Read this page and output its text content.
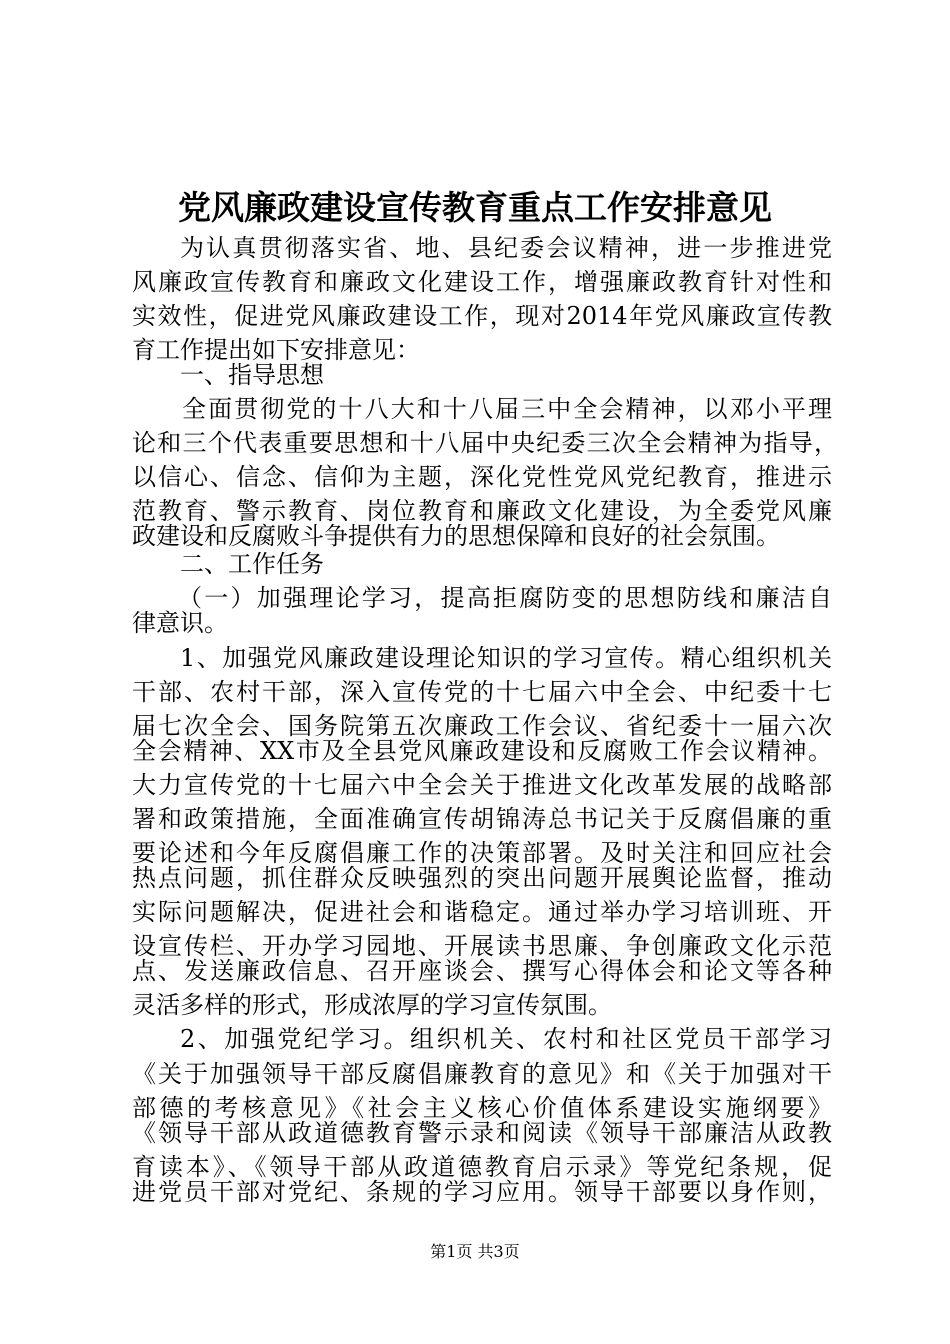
党风廉政建设宣传教育重点工作安排意见
为认真贯彻落实省、地、县纪委会议精神，进一步推进党
风廉政宣传教育和廉政文化建设工作，增强廉政教育针对性和
实效性，促进党风廉政建设工作，现对2014年党风廉政宣传教
育工作提出如下安排意见：
一、指导思想
全面贯彻党的十八大和十八届三中全会精神，以邓小平理
论和三个代表重要思想和十八届中央纪委三次全会精神为指导，
以信心、信念、信仰为主题，深化党性党风党纪教育，推进示
范教育、警示教育、岗位教育和廉政文化建设，为全委党风廉
政建设和反腐败斗争提供有力的思想保障和良好的社会氛围。
二、工作任务
（一）加强理论学习，提高拒腐防变的思想防线和廉洁自
律意识。
1、加强党风廉政建设理论知识的学习宣传。精心组织机关
干部、农村干部，深入宣传党的十七届六中全会、中纪委十七
届七次全会、国务院第五次廉政工作会议、省纪委十一届六次
全会精神、XX市及全县党风廉政建设和反腐败工作会议精神。
大力宣传党的十七届六中全会关于推进文化改革发展的战略部
署和政策措施，全面准确宣传胡锦涛总书记关于反腐倡廉的重
要论述和今年反腐倡廉工作的决策部署。及时关注和回应社会
热点问题，抓住群众反映强烈的突出问题开展舆论监督，推动
实际问题解决，促进社会和谐稳定。通过举办学习培训班、开
设宣传栏、开办学习园地、开展读书思廉、争创廉政文化示范
点、发送廉政信息、召开座谈会、撰写心得体会和论文等各种
灵活多样的形式，形成浓厚的学习宣传氛围。
2、加强党纪学习。组织机关、农村和社区党员干部学习
《关于加强领导干部反腐倡廉教育的意见》和《关于加强对干
部德的考核意见》《社会主义核心价值体系建设实施纲要》
《领导干部从政道德教育警示录和阅读《领导干部廉洁从政教
育读本》、《领导干部从政道德教育启示录》等党纪条规，促
进党员干部对党纪、条规的学习应用。领导干部要以身作则，
第1页 共3页
